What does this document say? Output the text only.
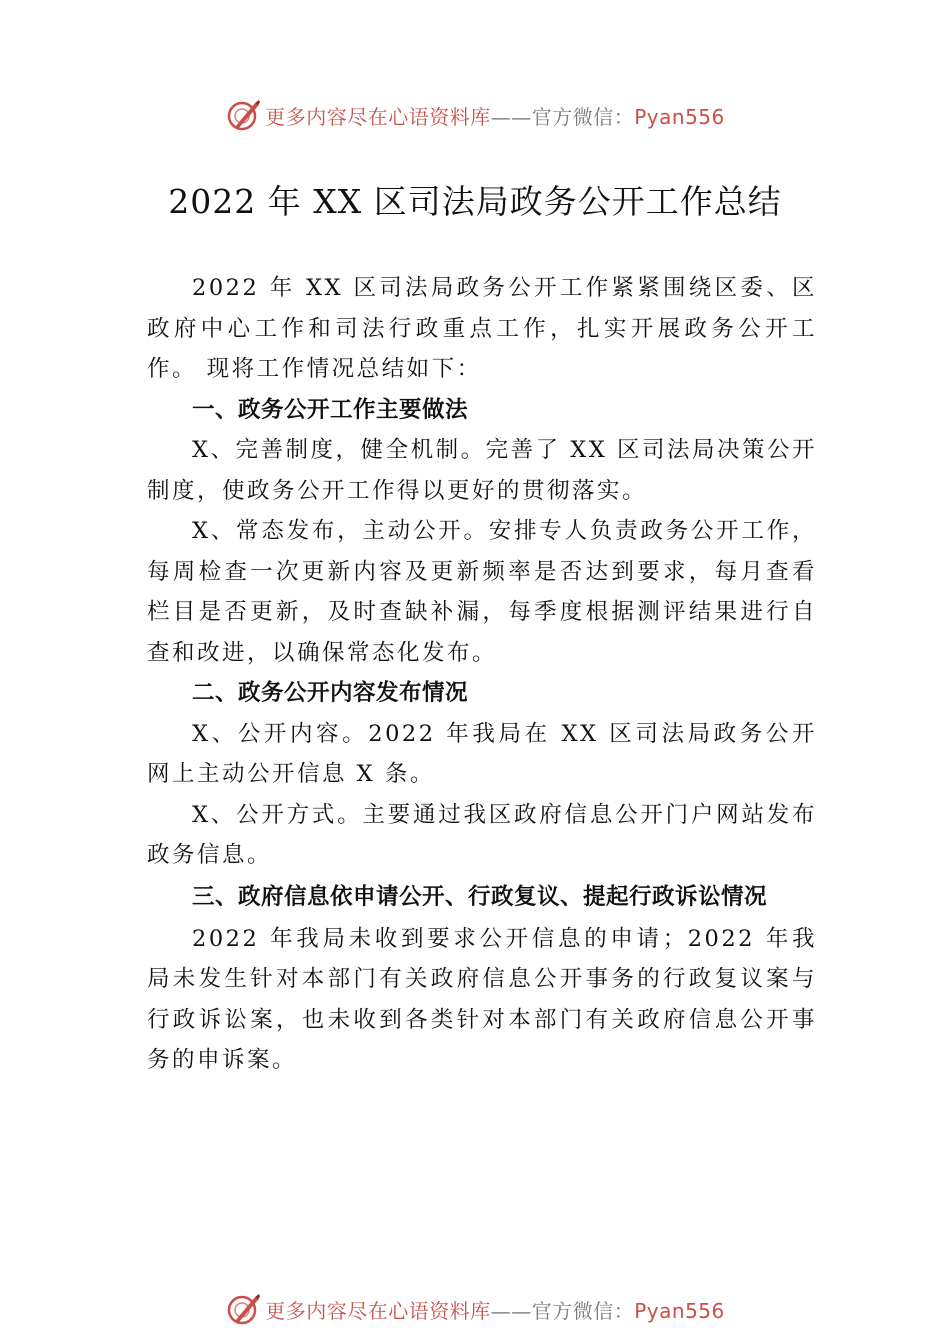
更多内容尽在心语资料库——官方微信：Pyan556
2022 年 XX 区司法局政务公开工作总结

2022 年 XX 区司法局政务公开工作紧紧围绕区委、区政府中心工作和司法行政重点工作，扎实开展政务公开工作。 现将工作情况总结如下：

一、政务公开工作主要做法

X、完善制度，健全机制。完善了 XX 区司法局决策公开制度，使政务公开工作得以更好的贯彻落实。

X、常态发布，主动公开。安排专人负责政务公开工作，每周检查一次更新内容及更新频率是否达到要求，每月查看栏目是否更新，及时查缺补漏，每季度根据测评结果进行自查和改进，以确保常态化发布。

二、政务公开内容发布情况

X、公开内容。2022 年我局在 XX 区司法局政务公开网上主动公开信息 X 条。

X、公开方式。主要通过我区政府信息公开门户网站发布政务信息。

三、政府信息依申请公开、行政复议、提起行政诉讼情况

2022 年我局未收到要求公开信息的申请；2022 年我局未发生针对本部门有关政府信息公开事务的行政复议案与行政诉讼案，也未收到各类针对本部门有关政府信息公开事务的申诉案。

更多内容尽在心语资料库——官方微信：Pyan556
